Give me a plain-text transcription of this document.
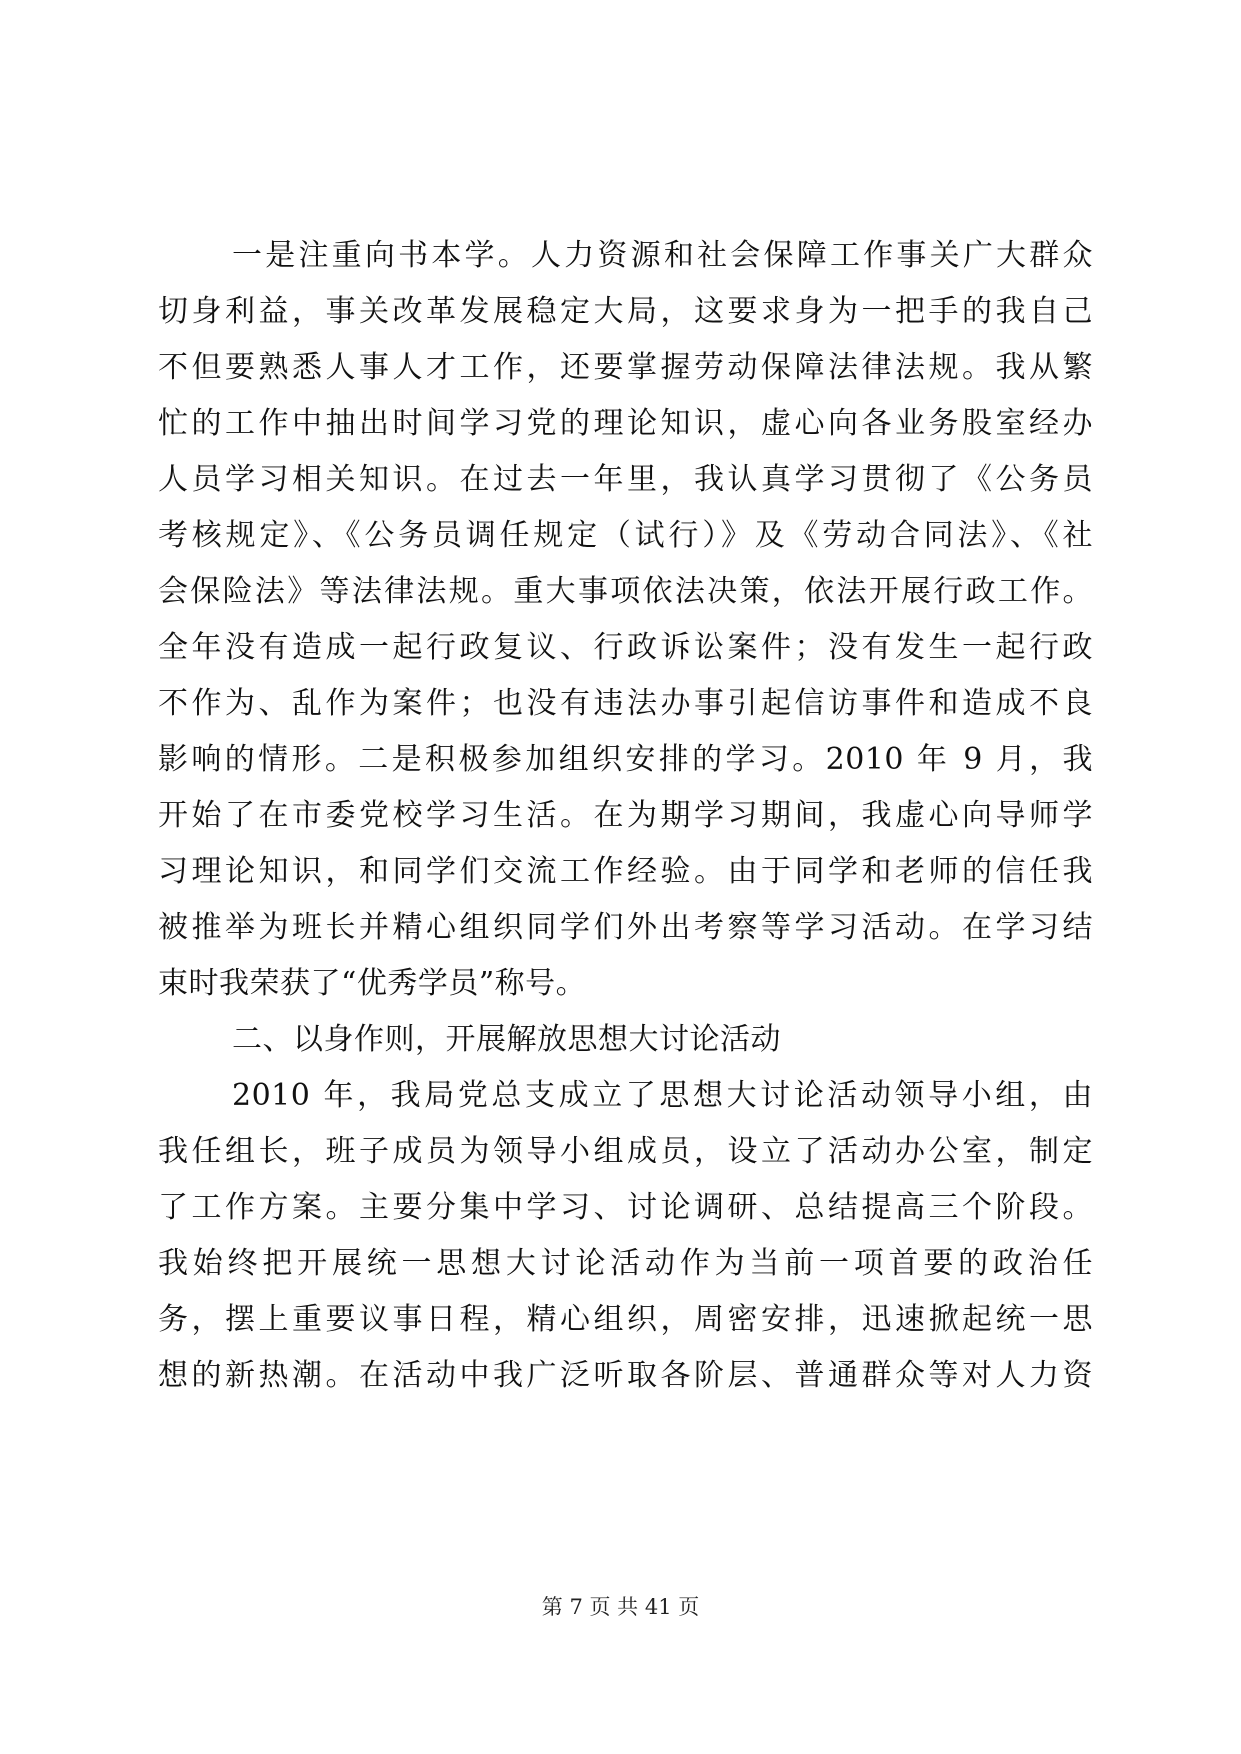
一是注重向书本学。人力资源和社会保障工作事关广大群众
切身利益，事关改革发展稳定大局，这要求身为一把手的我自己
不但要熟悉人事人才工作，还要掌握劳动保障法律法规。我从繁
忙的工作中抽出时间学习党的理论知识，虚心向各业务股室经办
人员学习相关知识。在过去一年里，我认真学习贯彻了《公务员
考核规定》、《公务员调任规定（试行）》及《劳动合同法》、《社
会保险法》等法律法规。重大事项依法决策，依法开展行政工作。
全年没有造成一起行政复议、行政诉讼案件；没有发生一起行政
不作为、乱作为案件；也没有违法办事引起信访事件和造成不良
影响的情形。二是积极参加组织安排的学习。2010 年 9 月，我
开始了在市委党校学习生活。在为期学习期间，我虚心向导师学
习理论知识，和同学们交流工作经验。由于同学和老师的信任我
被推举为班长并精心组织同学们外出考察等学习活动。在学习结
束时我荣获了“优秀学员”称号。
二、以身作则，开展解放思想大讨论活动
2010 年，我局党总支成立了思想大讨论活动领导小组，由
我任组长，班子成员为领导小组成员，设立了活动办公室，制定
了工作方案。主要分集中学习、讨论调研、总结提高三个阶段。
我始终把开展统一思想大讨论活动作为当前一项首要的政治任
务，摆上重要议事日程，精心组织，周密安排，迅速掀起统一思
想的新热潮。在活动中我广泛听取各阶层、普通群众等对人力资
第 7 页 共 41 页
